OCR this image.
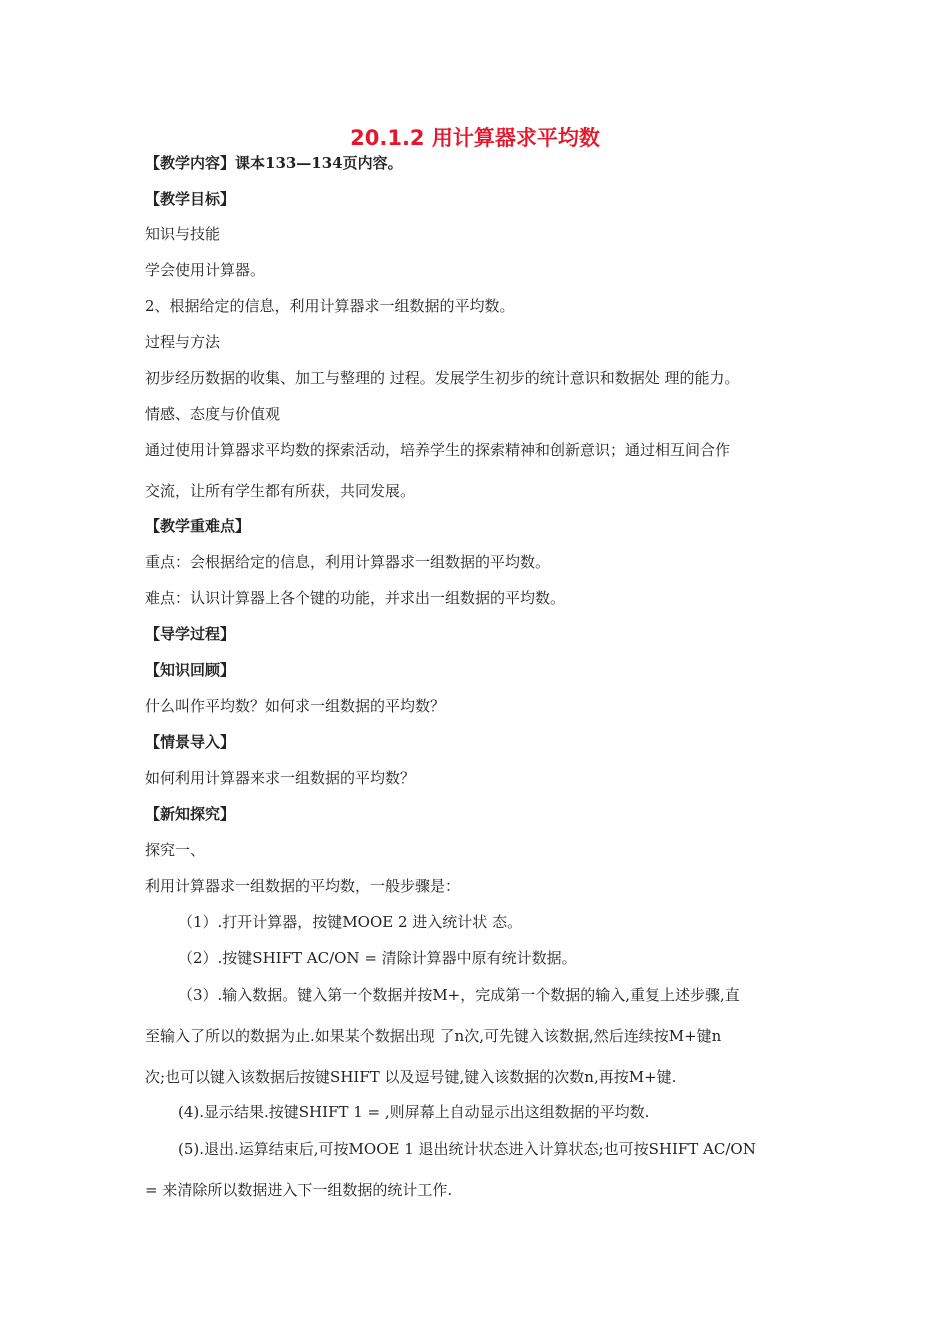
20.1.2 用计算器求平均数
【教学内容】课本133—134页内容。
【教学目标】
知识与技能
学会使用计算器。
2、根据给定的信息，利用计算器求一组数据的平均数。
过程与方法
初步经历数据的收集、加工与整理的 过程。发展学生初步的统计意识和数据处 理的能力。
情感、态度与价值观
通过使用计算器求平均数的探索活动，培养学生的探索精神和创新意识；通过相互间合作
交流，让所有学生都有所获，共同发展。
【教学重难点】
重点：会根据给定的信息，利用计算器求一组数据的平均数。
难点：认识计算器上各个键的功能，并求出一组数据的平均数。
【导学过程】
【知识回顾】
什么叫作平均数？如何求一组数据的平均数？
【情景导入】
如何利用计算器来求一组数据的平均数？
【新知探究】
探究一、
利用计算器求一组数据的平均数，一般步骤是：
（1）.打开计算器，按键MOOE 2 进入统计状 态。
（2）.按键SHIFT AC/ON = 清除计算器中原有统计数据。
（3）.输入数据。键入第一个数据并按M+，完成第一个数据的输入,重复上述步骤,直
至输入了所以的数据为止.如果某个数据出现 了n次,可先键入该数据,然后连续按M+键n
次;也可以键入该数据后按键SHIFT 以及逗号键,键入该数据的次数n,再按M+键.
(4).显示结果.按键SHIFT 1 = ,则屏幕上自动显示出这组数据的平均数.
(5).退出.运算结束后,可按MOOE 1 退出统计状态进入计算状态;也可按SHIFT AC/ON
= 来清除所以数据进入下一组数据的统计工作.
